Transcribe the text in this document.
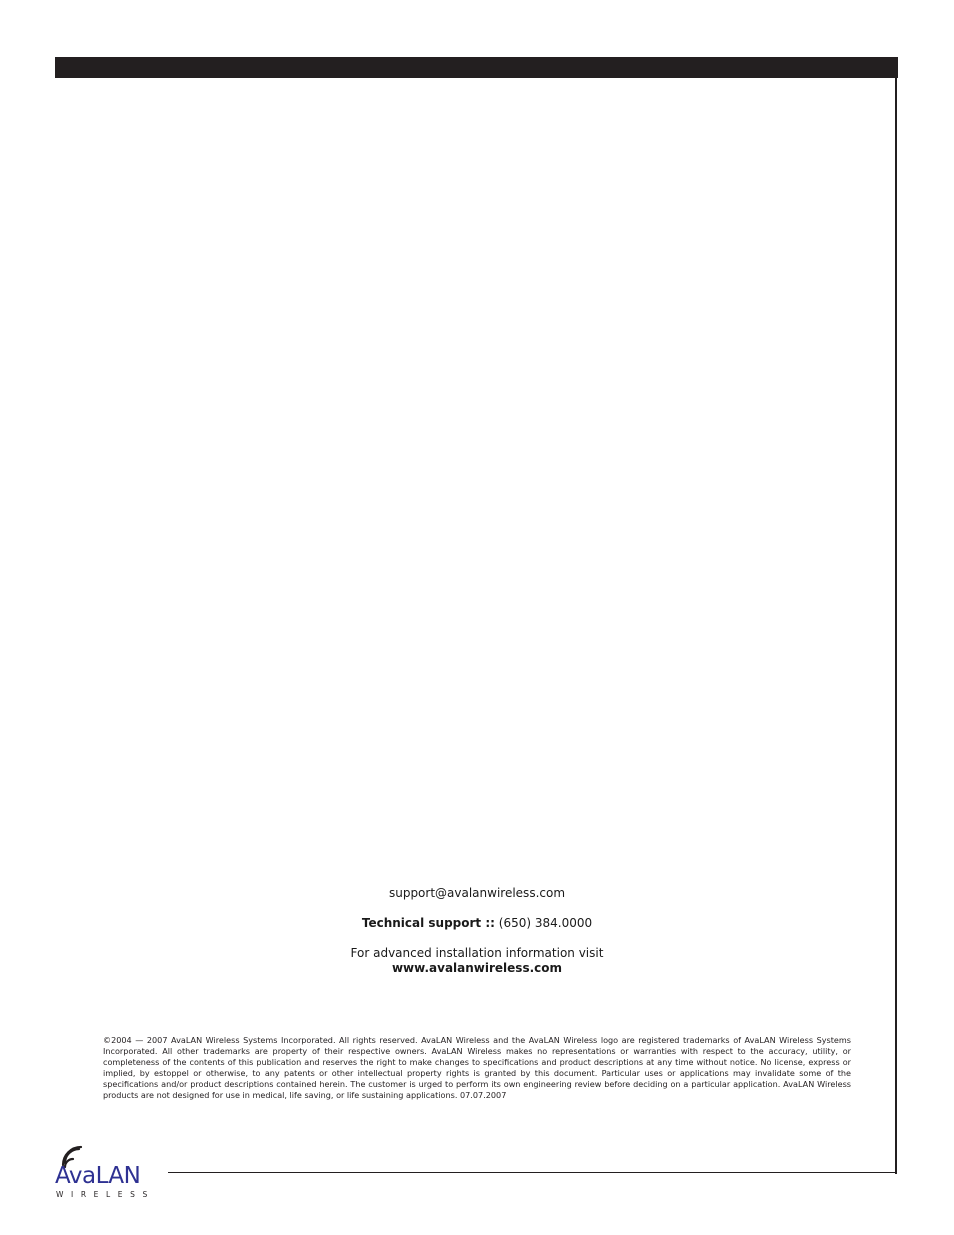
support@avalanwireless.com
Technical support :: (650) 384.0000
For advanced installation information visit
www.avalanwireless.com
©2004 — 2007 AvaLAN Wireless Systems Incorporated. All rights reserved. AvaLAN Wireless and the AvaLAN Wireless logo are registered trademarks of AvaLAN Wireless Systems Incorporated. All other trademarks are property of their respective owners. AvaLAN Wireless makes no representations or warranties with respect to the accuracy, utility, or completeness of the contents of this publication and reserves the right to make changes to specifications and product descriptions at any time without notice. No license, express or implied, by estoppel or otherwise, to any patents or other intellectual property rights is granted by this document. Particular uses or applications may invalidate some of the specifications and/or product descriptions contained herein. The customer is urged to perform its own engineering review before deciding on a particular application. AvaLAN Wireless products are not designed for use in medical, life saving, or life sustaining applications. 07.07.2007
AvaLAN
WIRELESS
